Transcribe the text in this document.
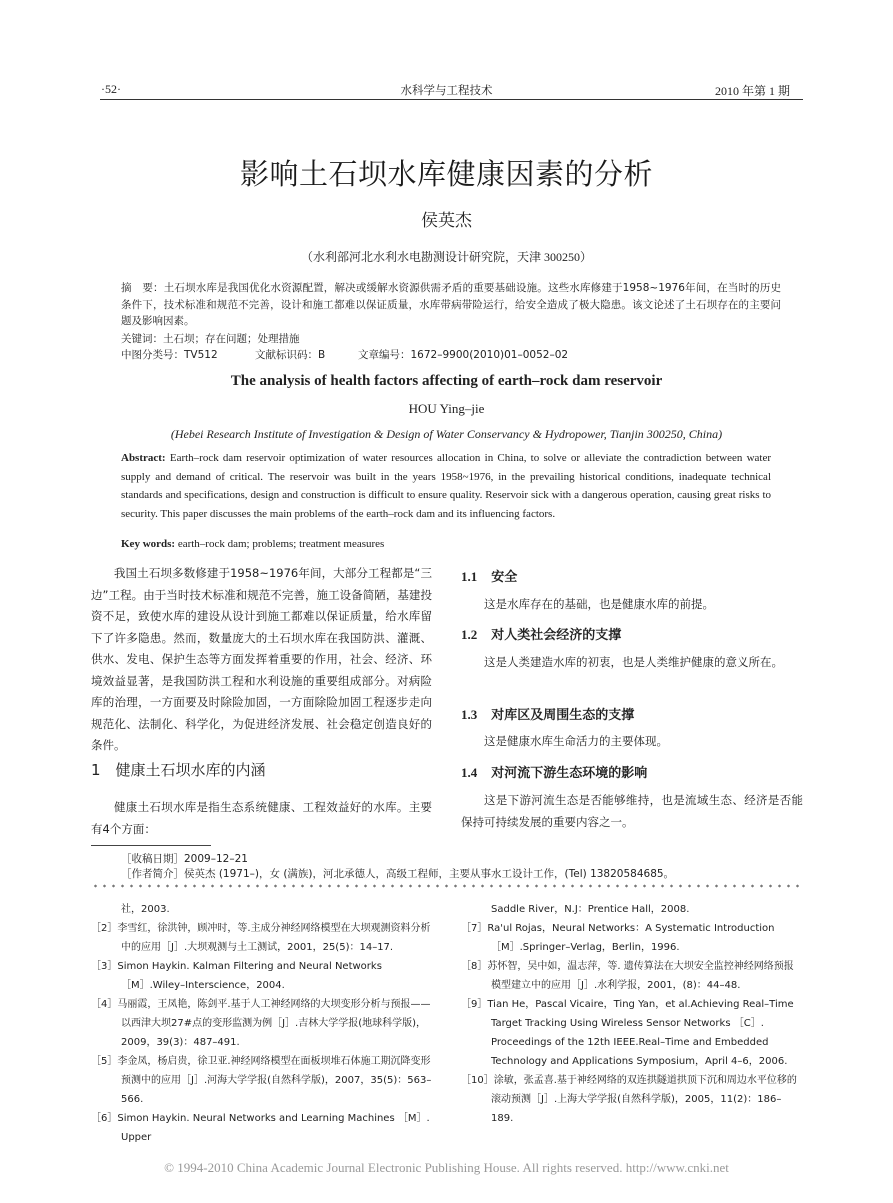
·52·	水科学与工程技术	2010 年第 1 期
影响土石坝水库健康因素的分析
侯英杰
（水利部河北水利水电勘测设计研究院，天津 300250）
摘　要：土石坝水库是我国优化水资源配置，解决或缓解水资源供需矛盾的重要基础设施。这些水库修建于1958~1976年间，在当时的历史条件下，技术标准和规范不完善，设计和施工都难以保证质量，水库带病带险运行，给安全造成了极大隐患。该文论述了土石坝存在的主要问题及影响因素。
关键词：土石坝；存在问题；处理措施
中图分类号：TV512	文献标识码：B	文章编号：1672–9900(2010)01–0052–02
The analysis of health factors affecting of earth–rock dam reservoir
HOU Ying–jie
(Hebei Research Institute of Investigation & Design of Water Conservancy & Hydropower, Tianjin 300250, China)
Abstract: Earth–rock dam reservoir optimization of water resources allocation in China, to solve or alleviate the contradiction between water supply and demand of critical. The reservoir was built in the years 1958~1976, in the prevailing historical conditions, inadequate technical standards and specifications, design and construction is difficult to ensure quality. Reservoir sick with a dangerous operation, causing great risks to security. This paper discusses the main problems of the earth–rock dam and its influencing factors.
Key words: earth–rock dam; problems; treatment measures
我国土石坝多数修建于1958~1976年间，大部分工程都是“三边”工程。由于当时技术标准和规范不完善，施工设备简陋，基建投资不足，致使水库的建设从设计到施工都难以保证质量，给水库留下了许多隐患。然而，数量庞大的土石坝水库在我国防洪、灌溉、供水、发电、保护生态等方面发挥着重要的作用，社会、经济、环境效益显著，是我国防洪工程和水利设施的重要组成部分。对病险库的治理，一方面要及时除险加固，一方面除险加固工程逐步走向规范化、法制化、科学化，为促进经济发展、社会稳定创造良好的条件。
1　健康土石坝水库的内涵
健康土石坝水库是指生态系统健康、工程效益好的水库。主要有4个方面：
1.1 安全
这是水库存在的基础，也是健康水库的前提。
1.2 对人类社会经济的支撑
这是人类建造水库的初衷，也是人类维护健康的意义所在。
1.3 对库区及周围生态的支撑
这是健康水库生命活力的主要体现。
1.4 对河流下游生态环境的影响
这是下游河流生态是否能够维持，也是流域生态、经济是否能保持可持续发展的重要内容之一。
［收稿日期］2009–12–21
［作者简介］侯英杰 (1971–)，女 (满族)，河北承德人，高级工程师，主要从事水工设计工作，(Tel) 13820584685。
社，2003.
［2］李雪红，徐洪钟，顾冲时，等.主成分神经网络模型在大坝观测资料分析中的应用［J］.大坝观测与土工测试，2001，25(5)：14–17.
［3］Simon Haykin. Kalman Filtering and Neural Networks ［M］.Wiley–Interscience，2004.
［4］马丽霞，王凤艳，陈剑平.基于人工神经网络的大坝变形分析与预报——以西津大坝27#点的变形监测为例［J］.吉林大学学报(地球科学版)，2009，39(3)：487–491.
［5］李金凤，杨启贵，徐卫亚.神经网络模型在面板坝堆石体施工期沉降变形预测中的应用［J］.河海大学学报(自然科学版)，2007，35(5)：563–566.
［6］Simon Haykin. Neural Networks and Learning Machines ［M］. Upper
Saddle River，N.J：Prentice Hall，2008.
［7］Ra'ul Rojas，Neural Networks：A Systematic Introduction［M］.Springer–Verlag，Berlin，1996.
［8］苏怀智，吴中如，温志萍，等. 遗传算法在大坝安全监控神经网络预报模型建立中的应用［J］.水利学报，2001，(8)：44–48.
［9］Tian He，Pascal Vicaire，Ting Yan，et al.Achieving Real–Time Target Tracking Using Wireless Sensor Networks ［C］. Proceedings of the 12th IEEE.Real–Time and Embedded Technology and Applications Symposium，April 4–6，2006.
［10］涂敏，张孟喜.基于神经网络的双连拱隧道拱顶下沉和周边水平位移的滚动预测［J］.上海大学学报(自然科学版)，2005，11(2)：186–189.
© 1994-2010 China Academic Journal Electronic Publishing House. All rights reserved. http://www.cnki.net
